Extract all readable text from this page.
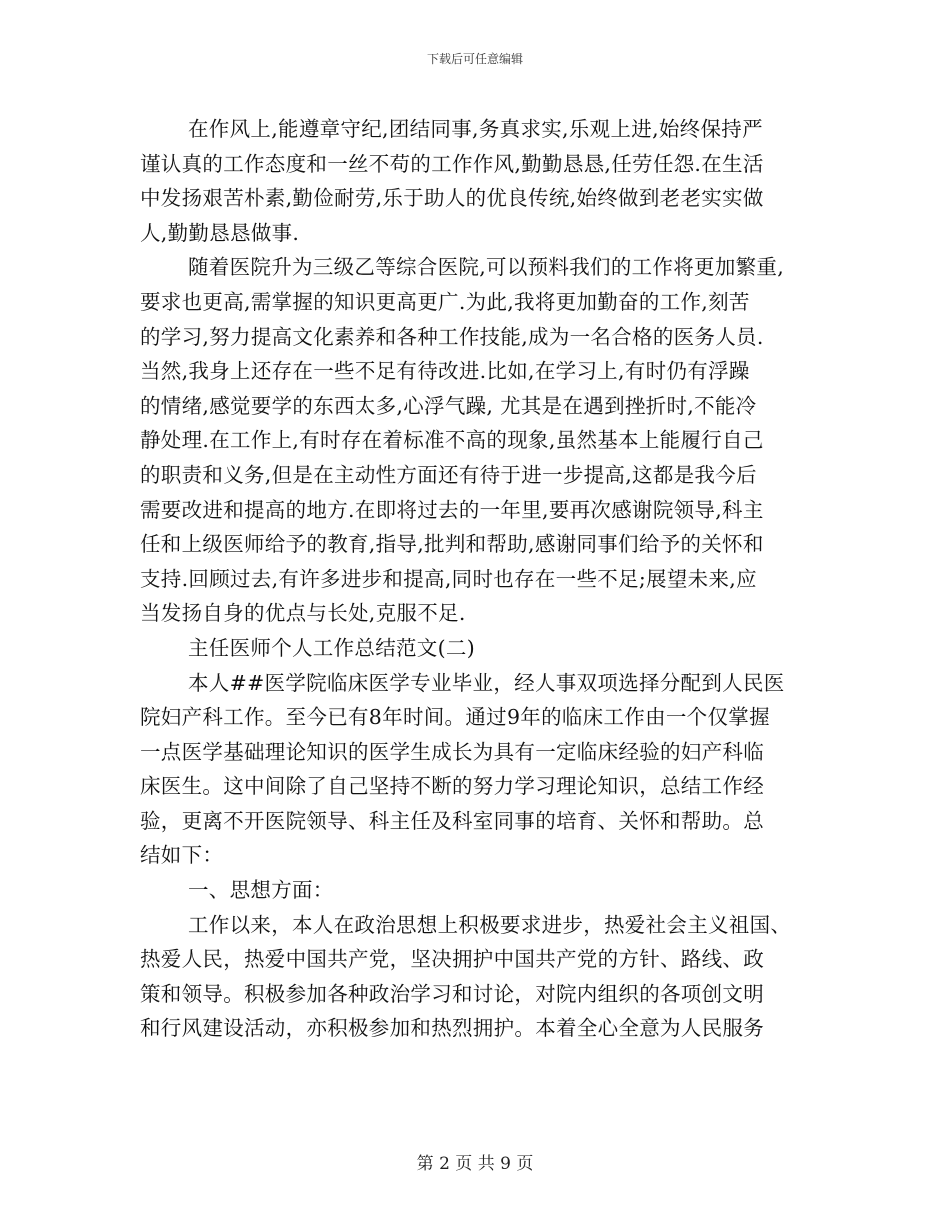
下载后可任意编辑
在作风上,能遵章守纪,团结同事,务真求实,乐观上进,始终保持严
谨认真的工作态度和一丝不苟的工作作风,勤勤恳恳,任劳任怨.在生活
中发扬艰苦朴素,勤俭耐劳,乐于助人的优良传统,始终做到老老实实做
人,勤勤恳恳做事.
随着医院升为三级乙等综合医院,可以预料我们的工作将更加繁重,
要求也更高,需掌握的知识更高更广.为此,我将更加勤奋的工作,刻苦
的学习,努力提高文化素养和各种工作技能,成为一名合格的医务人员.
当然,我身上还存在一些不足有待改进.比如,在学习上,有时仍有浮躁
的情绪,感觉要学的东西太多,心浮气躁, 尤其是在遇到挫折时,不能冷
静处理.在工作上,有时存在着标准不高的现象,虽然基本上能履行自己
的职责和义务,但是在主动性方面还有待于进一步提高,这都是我今后
需要改进和提高的地方.在即将过去的一年里,要再次感谢院领导,科主
任和上级医师给予的教育,指导,批判和帮助,感谢同事们给予的关怀和
支持.回顾过去,有许多进步和提高,同时也存在一些不足;展望未来,应
当发扬自身的优点与长处,克服不足.
主任医师个人工作总结范文(二)
本人##医学院临床医学专业毕业，经人事双项选择分配到人民医
院妇产科工作。至今已有8年时间。通过9年的临床工作由一个仅掌握
一点医学基础理论知识的医学生成长为具有一定临床经验的妇产科临
床医生。这中间除了自己坚持不断的努力学习理论知识，总结工作经
验，更离不开医院领导、科主任及科室同事的培育、关怀和帮助。总
结如下：
一、思想方面：
工作以来，本人在政治思想上积极要求进步，热爱社会主义祖国、
热爱人民，热爱中国共产党，坚决拥护中国共产党的方针、路线、政
策和领导。积极参加各种政治学习和讨论，对院内组织的各项创文明
和行风建设活动，亦积极参加和热烈拥护。本着全心全意为人民服务
第 2 页 共 9 页
